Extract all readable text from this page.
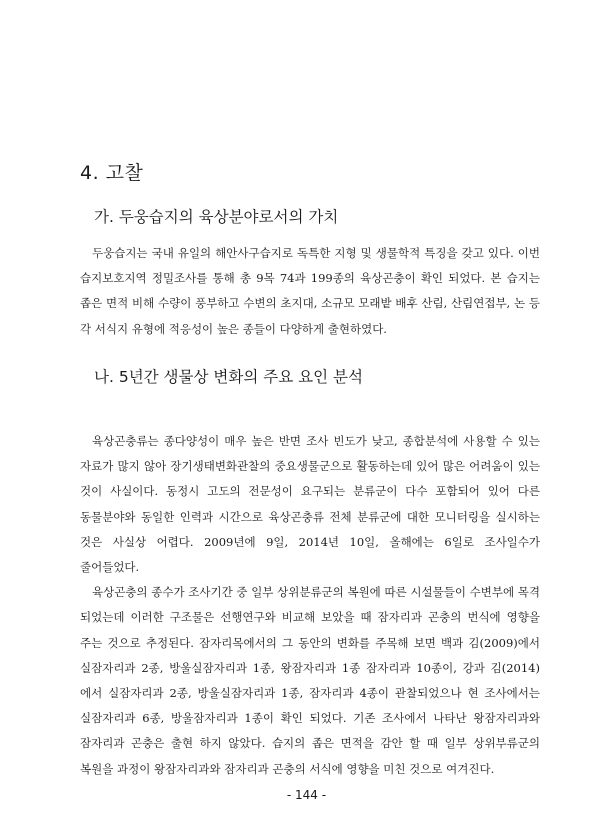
4. 고찰
가. 두웅습지의 육상분야로서의 가치

두웅습지는 국내 유일의 해안사구습지로 독특한 지형 및 생물학적 특징을 갖고 있다. 이번 습지보호지역 정밀조사를 통해 총 9목 74과 199종의 육상곤충이 확인 되었다. 본 습지는 좁은 면적 비해 수량이 풍부하고 수변의 초지대, 소규모 모래밭 배후 산림, 산림연접부, 논 등 각 서식지 유형에 적응성이 높은 종들이 다양하게 출현하였다.

나. 5년간 생물상 변화의 주요 요인 분석

육상곤충류는 종다양성이 매우 높은 반면 조사 빈도가 낮고, 종합분석에 사용할 수 있는 자료가 많지 않아 장기생태변화관찰의 중요생물군으로 활동하는데 있어 많은 어려움이 있는 것이 사실이다. 동정시 고도의 전문성이 요구되는 분류군이 다수 포함되어 있어 다른 동물분야와 동일한 인력과 시간으로 육상곤충류 전체 분류군에 대한 모니터링을 실시하는 것은 사실상 어렵다. 2009년에 9일, 2014년 10일, 올해에는 6일로 조사일수가 줄어들었다.

육상곤충의 종수가 조사기간 중 일부 상위분류군의 복원에 따른 시설물들이 수변부에 목격 되었는데 이러한 구조물은 선행연구와 비교해 보았을 때 잠자리과 곤충의 번식에 영향을 주는 것으로 추정된다. 잠자리목에서의 그 동안의 변화를 주목해 보면 백과 김(2009)에서 실잠자리과 2종, 방울실잠자리과 1종, 왕잠자리과 1종 잠자리과 10종이, 강과 김(2014)에서 실잠자리과 2종, 방울실잠자리과 1종, 잠자리과 4종이 관찰되었으나 현 조사에서는 실잠자리과 6종, 방울잠자리과 1종이 확인 되었다. 기존 조사에서 나타난 왕잠자리과와 잠자리과 곤충은 출현 하지 않았다. 습지의 좁은 면적을 감안 할 때 일부 상위부류군의 복원을 과정이 왕잠자리과와 잠자리과 곤충의 서식에 영향을 미친 것으로 여겨진다.

- 144 -
